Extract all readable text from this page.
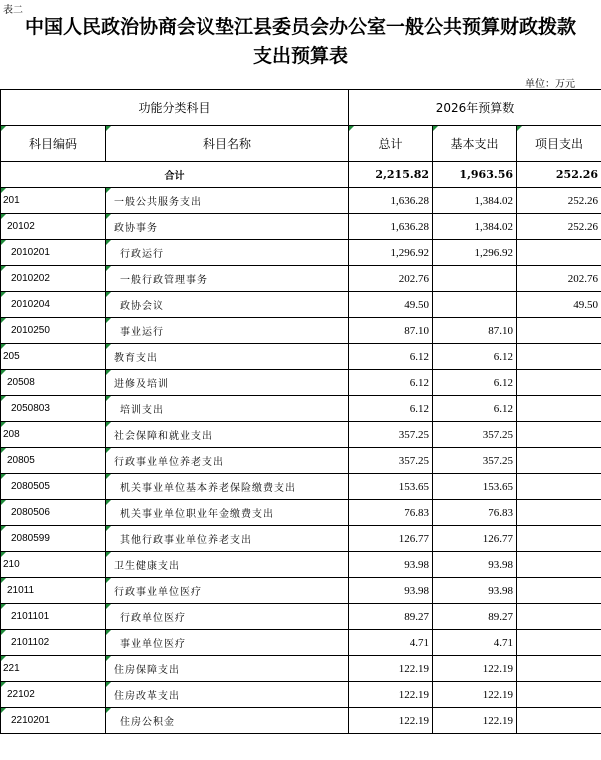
表二
中国人民政治协商会议垫江县委员会办公室一般公共预算财政拨款
支出预算表
单位：万元
功能分类科目		2026年预算数		
科目编码	科目名称	总计	基本支出	项目支出
合计		2,215.82	1,963.56	252.26
201	一般公共服务支出	1,636.28	1,384.02	252.26
20102	政协事务	1,636.28	1,384.02	252.26
2010201	行政运行	1,296.92	1,296.92	
2010202	一般行政管理事务	202.76		202.76
2010204	政协会议	49.50		49.50
2010250	事业运行	87.10	87.10	
205	教育支出	6.12	6.12	
20508	进修及培训	6.12	6.12	
2050803	培训支出	6.12	6.12	
208	社会保障和就业支出	357.25	357.25	
20805	行政事业单位养老支出	357.25	357.25	
2080505	机关事业单位基本养老保险缴费支出	153.65	153.65	
2080506	机关事业单位职业年金缴费支出	76.83	76.83	
2080599	其他行政事业单位养老支出	126.77	126.77	
210	卫生健康支出	93.98	93.98	
21011	行政事业单位医疗	93.98	93.98	
2101101	行政单位医疗	89.27	89.27	
2101102	事业单位医疗	4.71	4.71	
221	住房保障支出	122.19	122.19	
22102	住房改革支出	122.19	122.19	
2210201	住房公积金	122.19	122.19	
